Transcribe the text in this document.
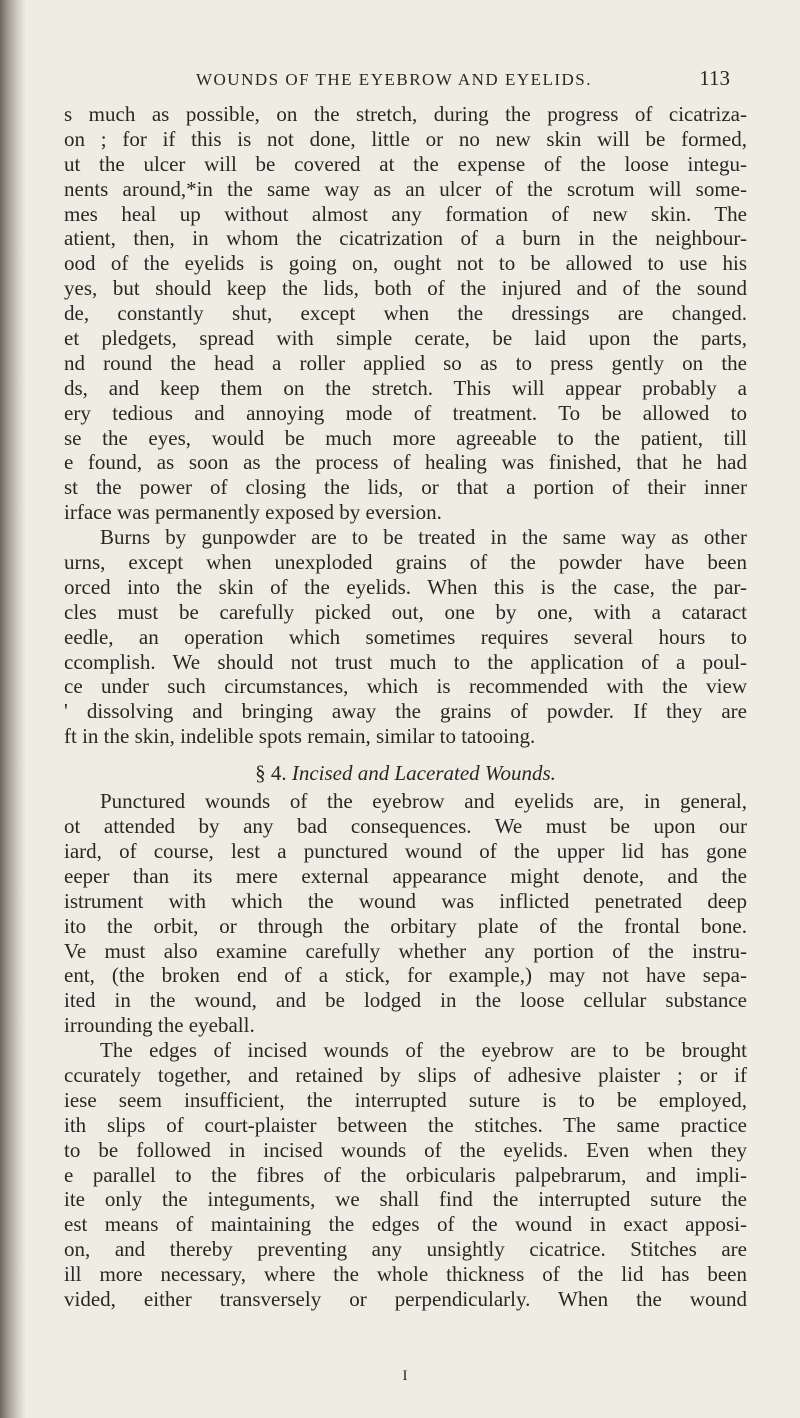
WOUNDS OF THE EYEBROW AND EYELIDS.	113
s much as possible, on the stretch, during the progress of cicatriza-
on ; for if this is not done, little or no new skin will be formed,
ut the ulcer will be covered at the expense of the loose integu-
nents around,*in the same way as an ulcer of the scrotum will some-
mes heal up without almost any formation of new skin. The
atient, then, in whom the cicatrization of a burn in the neighbour-
ood of the eyelids is going on, ought not to be allowed to use his
yes, but should keep the lids, both of the injured and of the sound
de, constantly shut, except when the dressings are changed.
et pledgets, spread with simple cerate, be laid upon the parts,
nd round the head a roller applied so as to press gently on the
ds, and keep them on the stretch. This will appear probably a
ery tedious and annoying mode of treatment. To be allowed to
se the eyes, would be much more agreeable to the patient, till
e found, as soon as the process of healing was finished, that he had
st the power of closing the lids, or that a portion of their inner
irface was permanently exposed by eversion.
Burns by gunpowder are to be treated in the same way as other
urns, except when unexploded grains of the powder have been
orced into the skin of the eyelids. When this is the case, the par-
cles must be carefully picked out, one by one, with a cataract
eedle, an operation which sometimes requires several hours to
ccomplish. We should not trust much to the application of a poul-
ce under such circumstances, which is recommended with the view
' dissolving and bringing away the grains of powder. If they are
ft in the skin, indelible spots remain, similar to tatooing.
§ 4. Incised and Lacerated Wounds.
Punctured wounds of the eyebrow and eyelids are, in general,
ot attended by any bad consequences. We must be upon our
iard, of course, lest a punctured wound of the upper lid has gone
eeper than its mere external appearance might denote, and the
istrument with which the wound was inflicted penetrated deep
ito the orbit, or through the orbitary plate of the frontal bone.
Ve must also examine carefully whether any portion of the instru-
ent, (the broken end of a stick, for example,) may not have sepa-
ited in the wound, and be lodged in the loose cellular substance
irrounding the eyeball.
The edges of incised wounds of the eyebrow are to be brought
ccurately together, and retained by slips of adhesive plaister ; or if
iese seem insufficient, the interrupted suture is to be employed,
ith slips of court-plaister between the stitches. The same practice
to be followed in incised wounds of the eyelids. Even when they
e parallel to the fibres of the orbicularis palpebrarum, and impli-
ite only the integuments, we shall find the interrupted suture the
est means of maintaining the edges of the wound in exact apposi-
on, and thereby preventing any unsightly cicatrice. Stitches are
ill more necessary, where the whole thickness of the lid has been
vided, either transversely or perpendicularly. When the wound
I
